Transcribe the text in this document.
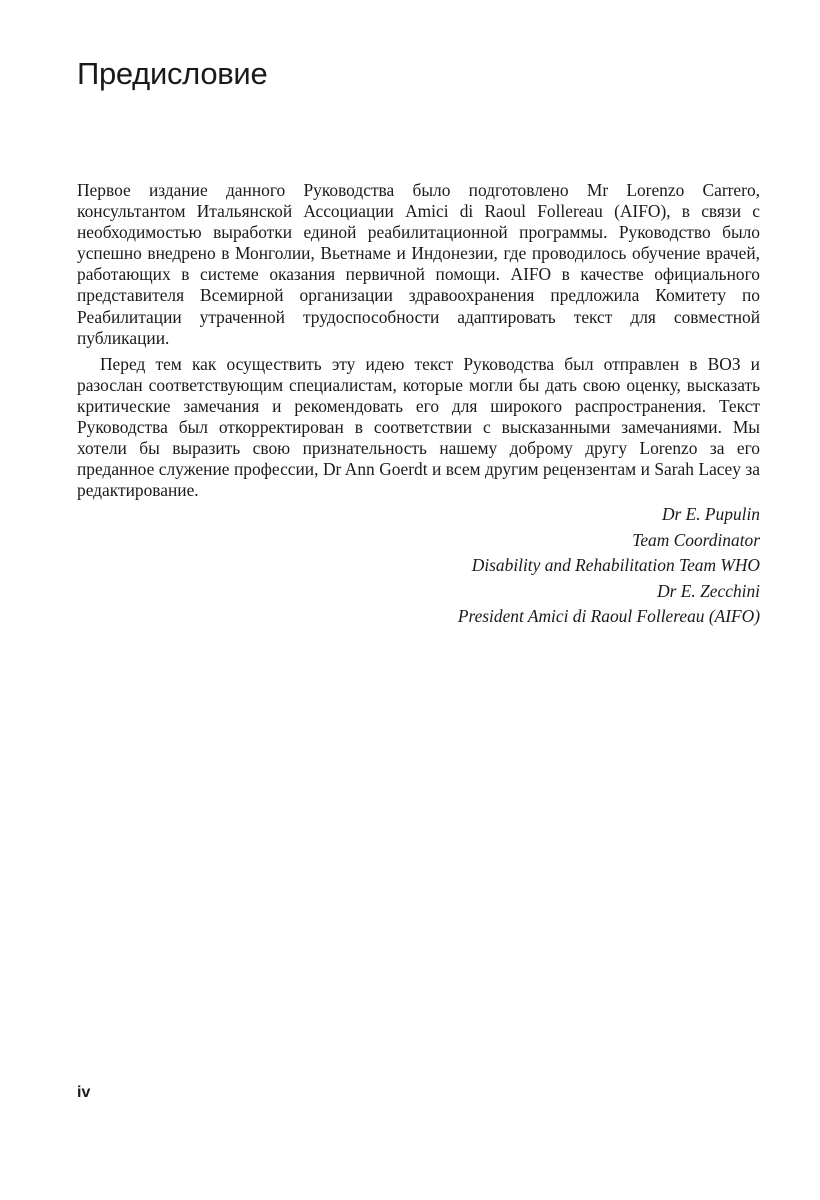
Предисловие

Первое издание данного Руководства было подготовлено Mr Lorenzo Carrero, консультантом Итальянской Ассоциации Amici di Raoul Follereau (AIFO), в связи с необходимостью выработки единой реабилитационной программы. Руководство было успешно внедрено в Монголии, Вьетнаме и Индонезии, где проводилось обучение врачей, работающих в системе оказания первичной помощи. AIFO в качестве официального представителя Всемирной организации здравоохранения предложила Комитету по Реабилитации утраченной трудоспособности адаптировать текст для совместной публикации.

Перед тем как осуществить эту идею текст Руководства был отправлен в ВОЗ и разослан соответствующим специалистам, которые могли бы дать свою оценку, высказать критические замечания и рекомендовать его для широкого распространения. Текст Руководства был откорректирован в соответствии с высказанными замечаниями. Мы хотели бы выразить свою признательность нашему доброму другу Lorenzo за его преданное служение профессии, Dr Ann Goerdt и всем другим рецензентам и Sarah Lacey за редактирование.

Dr E. Pupulin
Team Coordinator
Disability and Rehabilitation Team WHO
Dr E. Zecchini
President Amici di Raoul Follereau (AIFO)
iv
